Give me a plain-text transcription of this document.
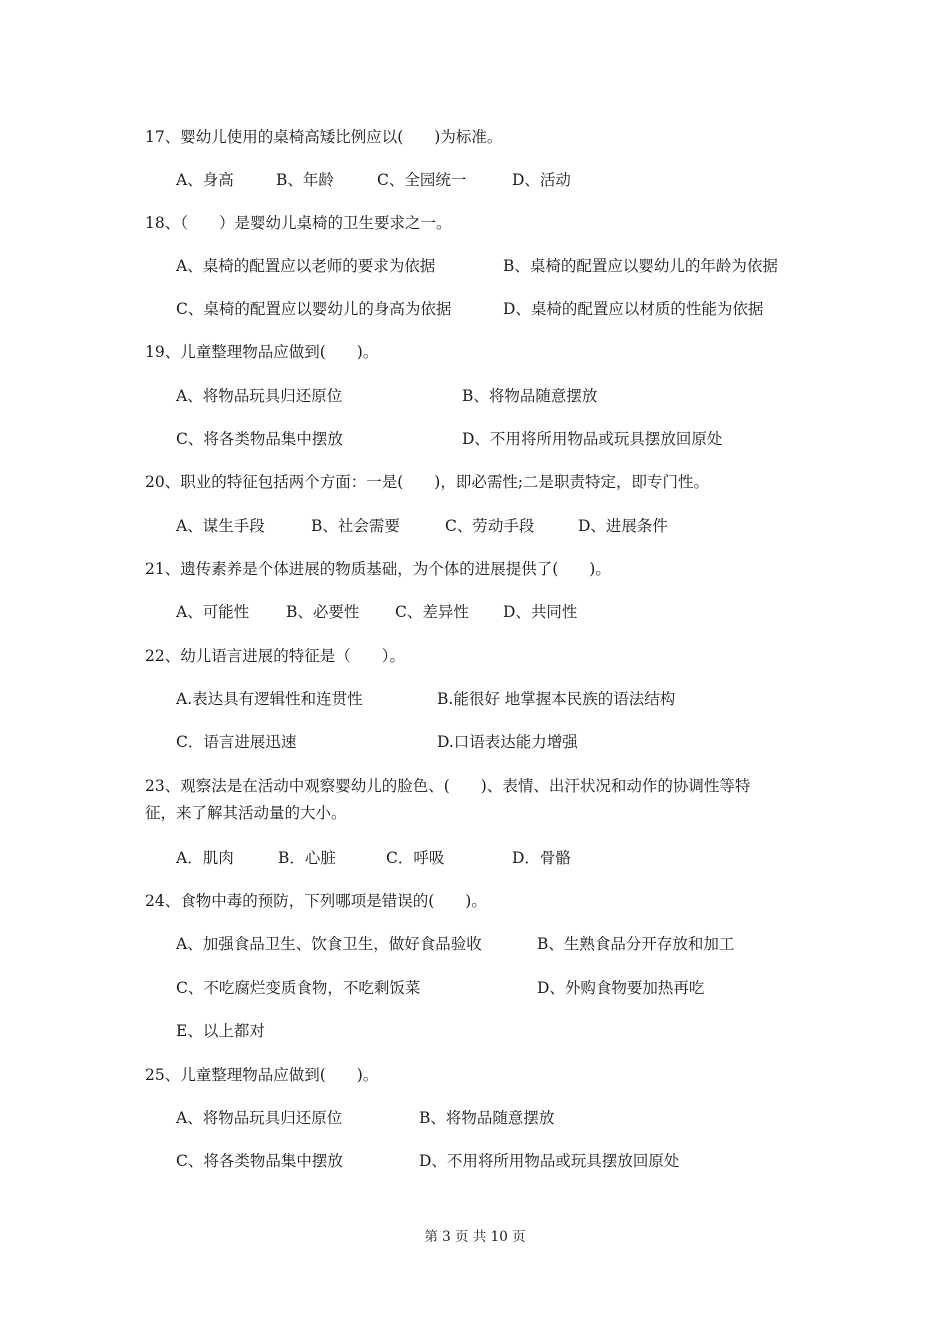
17、婴幼儿使用的桌椅高矮比例应以(　　)为标准。
A、身高	B、年龄	C、全园统一	D、活动
18、（　　）是婴幼儿桌椅的卫生要求之一。
A、桌椅的配置应以老师的要求为依据	B、桌椅的配置应以婴幼儿的年龄为依据
C、桌椅的配置应以婴幼儿的身高为依据	D、桌椅的配置应以材质的性能为依据
19、儿童整理物品应做到(　　)。
A、将物品玩具归还原位	B、将物品随意摆放
C、将各类物品集中摆放	D、不用将所用物品或玩具摆放回原处
20、职业的特征包括两个方面：一是(　　)，即必需性;二是职责特定，即专门性。
A、谋生手段	B、社会需要	C、劳动手段	D、进展条件
21、遗传素养是个体进展的物质基础，为个体的进展提供了(　　)。
A、可能性 B、必要性 C、差异性 D、共同性
22、幼儿语言进展的特征是（　　）。
A.表达具有逻辑性和连贯性	B.能很好 地掌握本民族的语法结构
C．语言进展迅速	D.口语表达能力增强
23、观察法是在活动中观察婴幼儿的脸色、(　　)、表情、出汗状况和动作的协调性等特
征，来了解其活动量的大小。
A．肌肉	B．心脏	C．呼吸	D．骨骼
24、食物中毒的预防，下列哪项是错误的(　　)。
A、加强食品卫生、饮食卫生，做好食品验收	B、生熟食品分开存放和加工
C、不吃腐烂变质食物，不吃剩饭菜	D、外购食物要加热再吃
E、以上都对
25、儿童整理物品应做到(　　)。
A、将物品玩具归还原位	B、将物品随意摆放
C、将各类物品集中摆放	D、不用将所用物品或玩具摆放回原处
第 3 页 共 10 页
